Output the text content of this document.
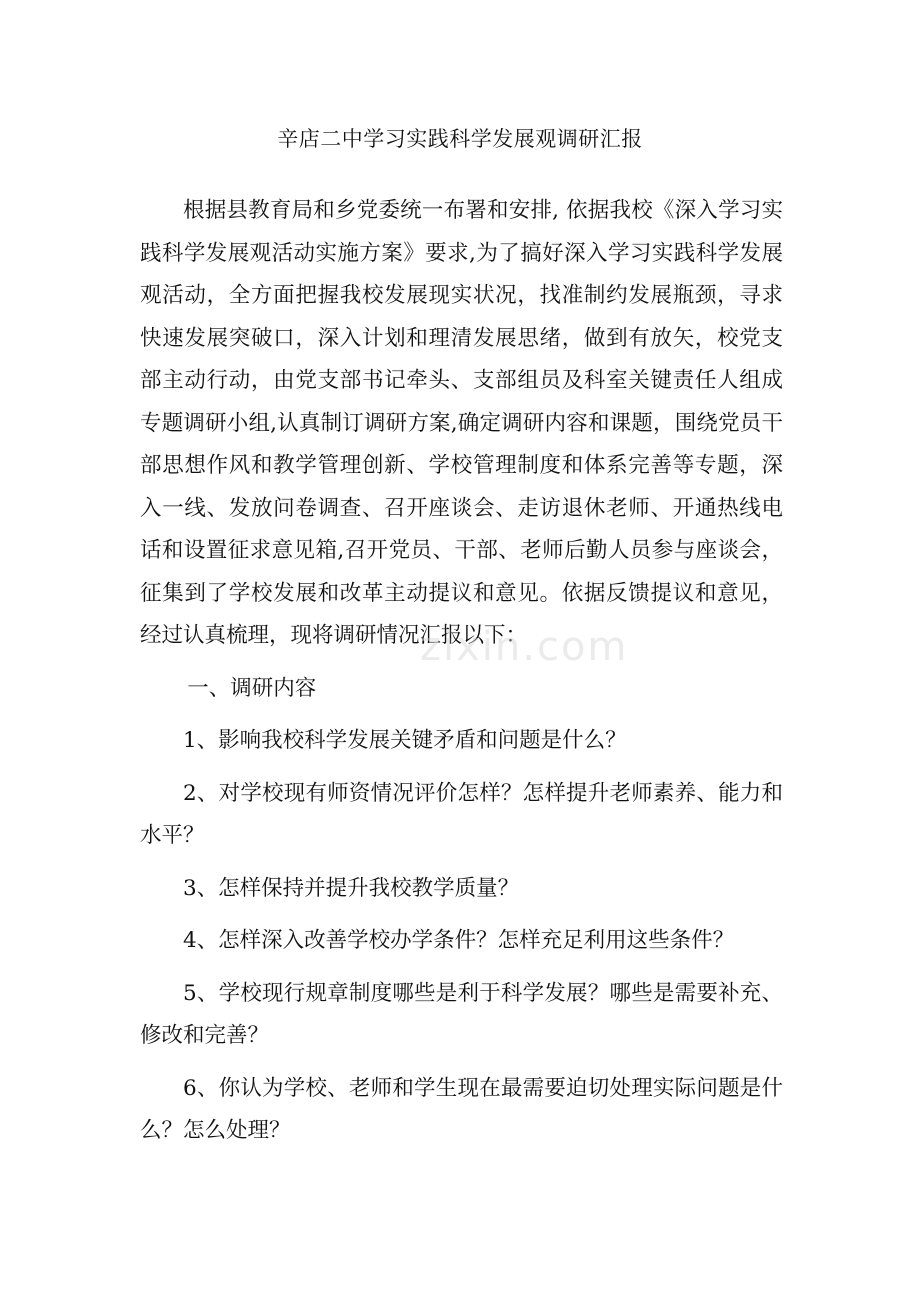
辛店二中学习实践科学发展观调研汇报

根据县教育局和乡党委统一布署和安排, 依据我校《深入学习实践科学发展观活动实施方案》要求,为了搞好深入学习实践科学发展观活动，全方面把握我校发展现实状况，找准制约发展瓶颈，寻求快速发展突破口，深入计划和理清发展思绪，做到有放矢，校党支部主动行动，由党支部书记牵头、支部组员及科室关键责任人组成专题调研小组,认真制订调研方案,确定调研内容和课题，围绕党员干部思想作风和教学管理创新、学校管理制度和体系完善等专题，深入一线、发放问卷调查、召开座谈会、走访退休老师、开通热线电话和设置征求意见箱,召开党员、干部、老师后勤人员参与座谈会，征集到了学校发展和改革主动提议和意见。依据反馈提议和意见，经过认真梳理，现将调研情况汇报以下：

一、调研内容

1、影响我校科学发展关键矛盾和问题是什么？

2、对学校现有师资情况评价怎样？怎样提升老师素养、能力和水平？

3、怎样保持并提升我校教学质量？

4、怎样深入改善学校办学条件？怎样充足利用这些条件？

5、学校现行规章制度哪些是利于科学发展？哪些是需要补充、修改和完善？

6、你认为学校、老师和学生现在最需要迫切处理实际问题是什么？怎么处理？

zixin.com
